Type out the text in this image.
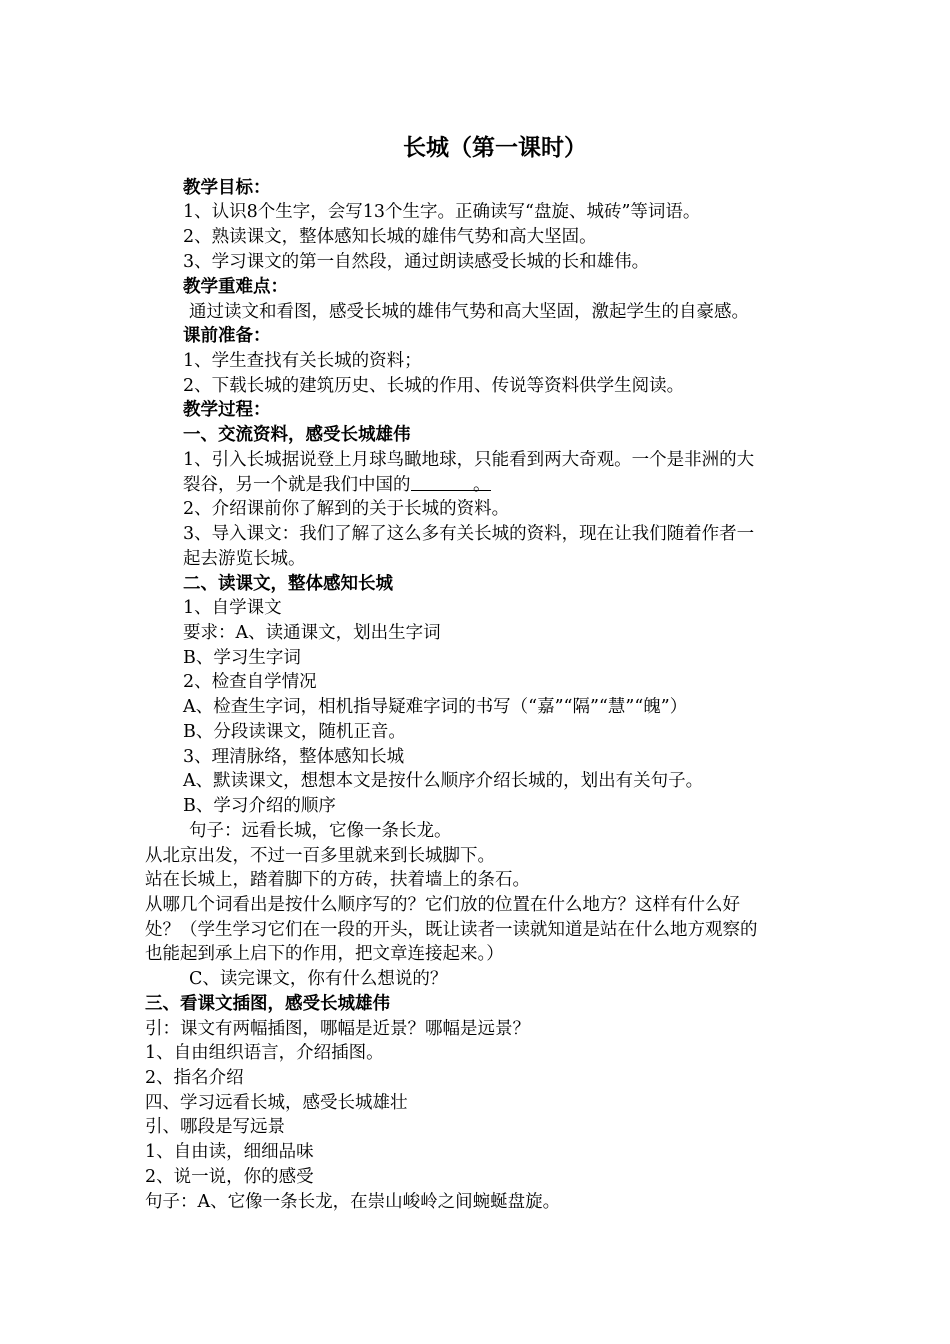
长城（第一课时）
教学目标：
1、认识8个生字，会写13个生字。正确读写“盘旋、城砖”等词语。
2、熟读课文，整体感知长城的雄伟气势和高大坚固。
3、学习课文的第一自然段，通过朗读感受长城的长和雄伟。
教学重难点：
通过读文和看图，感受长城的雄伟气势和高大坚固，激起学生的自豪感。
课前准备：
1、学生查找有关长城的资料；
2、下载长城的建筑历史、长城的作用、传说等资料供学生阅读。
教学过程：
一、交流资料，感受长城雄伟
1、引入长城据说登上月球鸟瞰地球，只能看到两大奇观。一个是非洲的大
裂谷，另一个就是我们中国的	。
2、介绍课前你了解到的关于长城的资料。
3、导入课文：我们了解了这么多有关长城的资料，现在让我们随着作者一
起去游览长城。
二、读课文，整体感知长城
1、自学课文
要求：A、读通课文，划出生字词
B、学习生字词
2、检查自学情况
A、检查生字词，相机指导疑难字词的书写（“嘉”“隔”“慧”“魄”）
B、分段读课文，随机正音。
3、理清脉络，整体感知长城
A、默读课文，想想本文是按什么顺序介绍长城的，划出有关句子。
B、学习介绍的顺序
句子：远看长城，它像一条长龙。
从北京出发，不过一百多里就来到长城脚下。
站在长城上，踏着脚下的方砖，扶着墙上的条石。
从哪几个词看出是按什么顺序写的？它们放的位置在什么地方？这样有什么好
处？（学生学习它们在一段的开头，既让读者一读就知道是站在什么地方观察的
也能起到承上启下的作用，把文章连接起来。）
C、读完课文，你有什么想说的？
三、看课文插图，感受长城雄伟
引：课文有两幅插图，哪幅是近景？哪幅是远景？
1、自由组织语言，介绍插图。
2、指名介绍
四、学习远看长城，感受长城雄壮
引、哪段是写远景
1、自由读，细细品味
2、说一说，你的感受
句子：A、它像一条长龙，在崇山峻岭之间蜿蜒盘旋。
